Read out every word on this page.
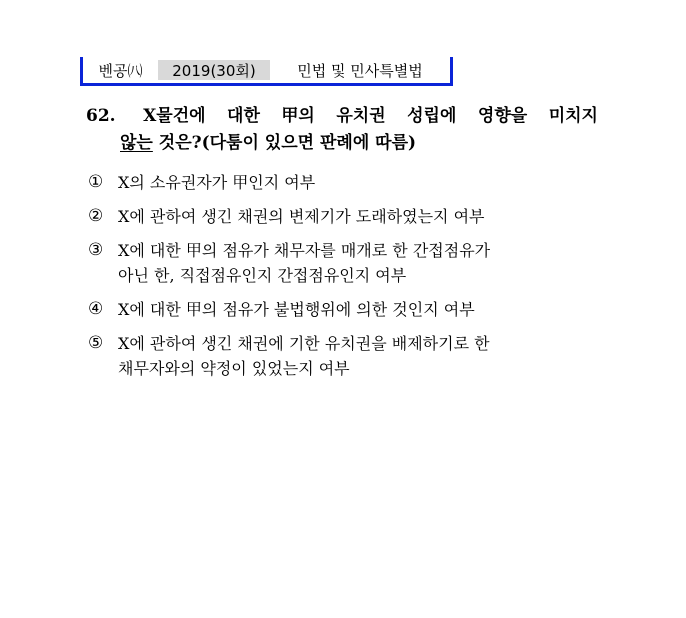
벤공㈧	2019(30회)	민법 및 민사특별법
62. X물건에 대한 甲의 유치권 성립에 영향을 미치지
않는 것은?(다툼이 있으면 판례에 따름)
① X의 소유권자가 甲인지 여부
② X에 관하여 생긴 채권의 변제기가 도래하였는지 여부
③ X에 대한 甲의 점유가 채무자를 매개로 한 간접점유가
아닌 한, 직접점유인지 간접점유인지 여부
④ X에 대한 甲의 점유가 불법행위에 의한 것인지 여부
⑤ X에 관하여 생긴 채권에 기한 유치권을 배제하기로 한
채무자와의 약정이 있었는지 여부
